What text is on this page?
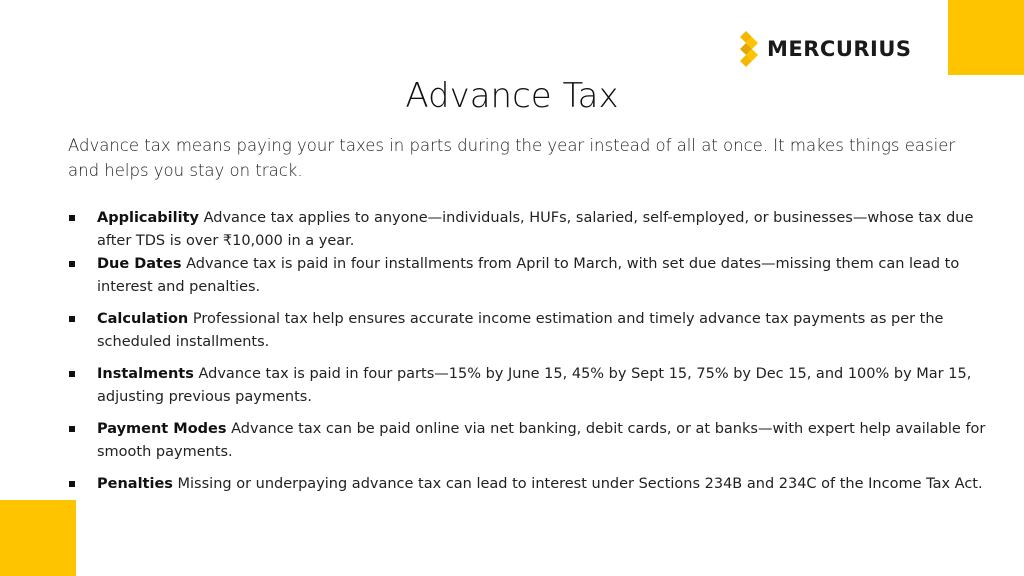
MERCURIUS
Advance Tax

Advance tax means paying your taxes in parts during the year instead of all at once. It makes things easier and helps you stay on track.

Applicability Advance tax applies to anyone—individuals, HUFs, salaried, self-employed, or businesses—whose tax due after TDS is over ₹10,000 in a year.
Due Dates Advance tax is paid in four installments from April to March, with set due dates—missing them can lead to interest and penalties.
Calculation Professional tax help ensures accurate income estimation and timely advance tax payments as per the scheduled installments.
Instalments Advance tax is paid in four parts—15% by June 15, 45% by Sept 15, 75% by Dec 15, and 100% by Mar 15, adjusting previous payments.
Payment Modes Advance tax can be paid online via net banking, debit cards, or at banks—with expert help available for smooth payments.
Penalties Missing or underpaying advance tax can lead to interest under Sections 234B and 234C of the Income Tax Act.
